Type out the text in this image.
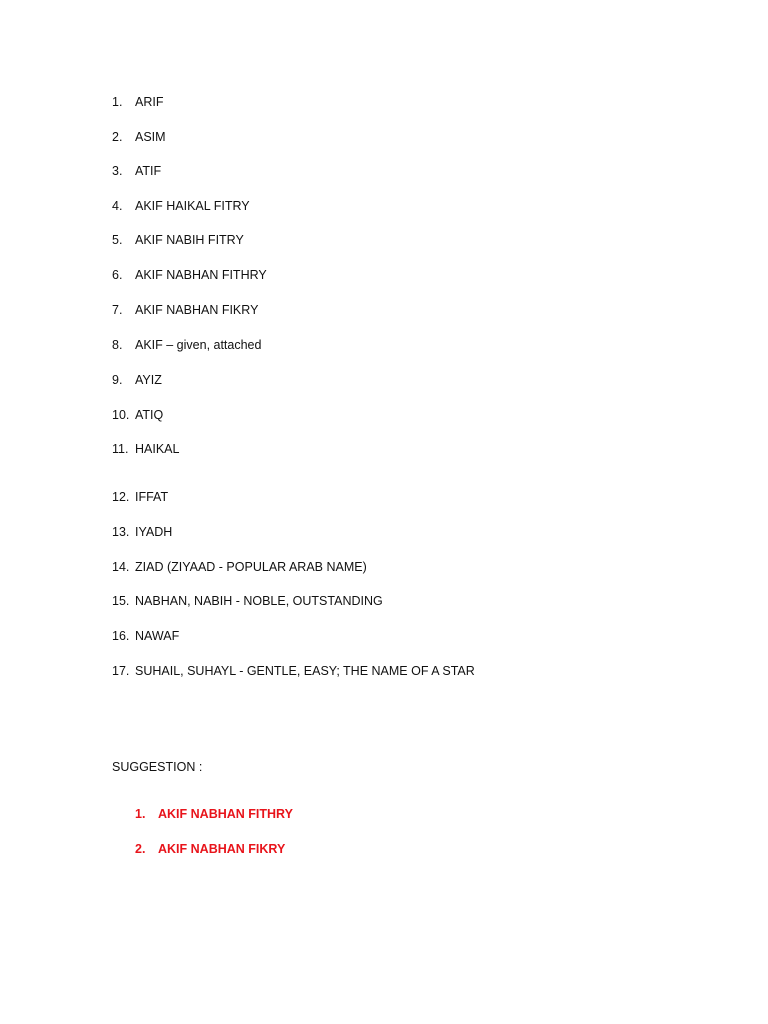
1. ARIF
2. ASIM
3. ATIF
4. AKIF HAIKAL FITRY
5. AKIF NABIH FITRY
6. AKIF NABHAN FITHRY
7. AKIF NABHAN FIKRY
8. AKIF – given, attached
9. AYIZ
10. ATIQ
11. HAIKAL
12. IFFAT
13. IYADH
14. ZIAD (ZIYAAD - POPULAR ARAB NAME)
15. NABHAN, NABIH - NOBLE, OUTSTANDING
16. NAWAF
17. SUHAIL, SUHAYL - GENTLE, EASY; THE NAME OF A STAR
SUGGESTION :
1. AKIF NABHAN FITHRY
2. AKIF NABHAN FIKRY
